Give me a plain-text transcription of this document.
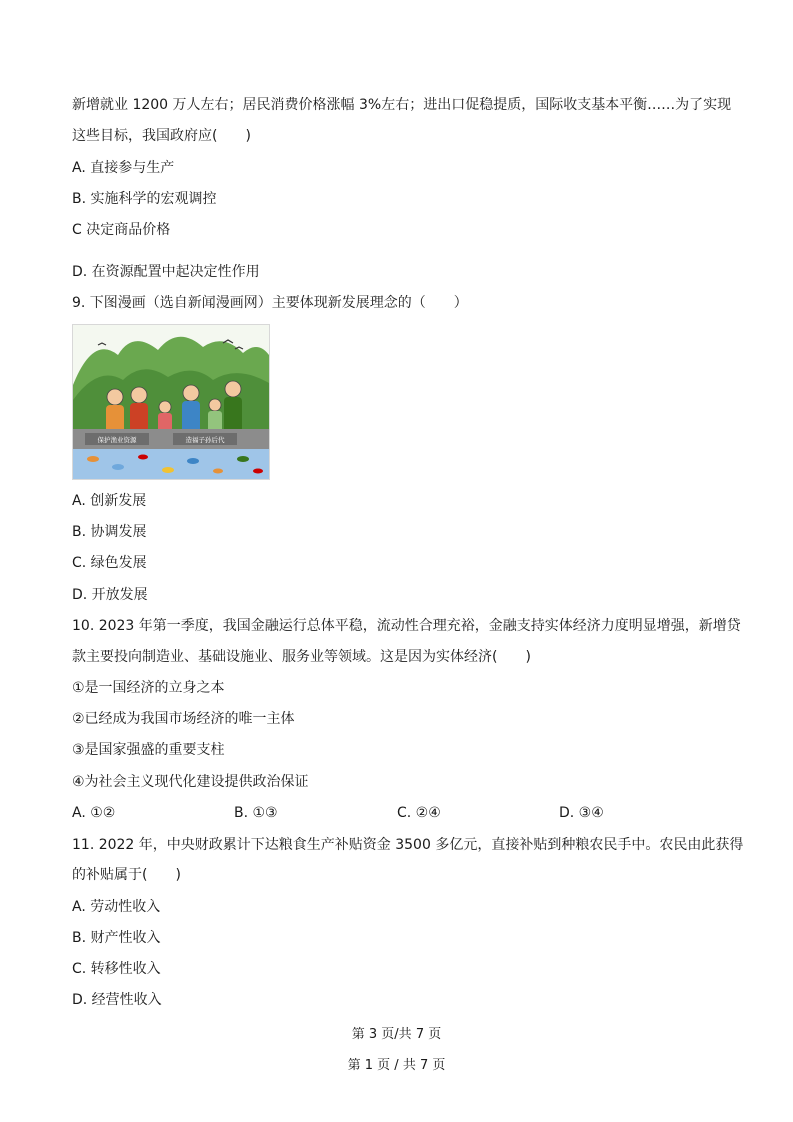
新增就业 1200 万人左右；居民消费价格涨幅 3%左右；进出口促稳提质，国际收支基本平衡……为了实现
这些目标，我国政府应(　　)
A. 直接参与生产
B. 实施科学的宏观调控
C 决定商品价格
D. 在资源配置中起决定性作用
9. 下图漫画（选自新闻漫画网）主要体现新发展理念的（　　）
保护渔业资源	造福子孙后代
A. 创新发展
B. 协调发展
C. 绿色发展
D. 开放发展
10. 2023 年第一季度，我国金融运行总体平稳，流动性合理充裕，金融支持实体经济力度明显增强，新增贷
款主要投向制造业、基础设施业、服务业等领域。这是因为实体经济(　　)
①是一国经济的立身之本
②已经成为我国市场经济的唯一主体
③是国家强盛的重要支柱
④为社会主义现代化建设提供政治保证
A. ①②	B. ①③	C. ②④	D. ③④
11. 2022 年，中央财政累计下达粮食生产补贴资金 3500 多亿元，直接补贴到种粮农民手中。农民由此获得
的补贴属于(　　)
A. 劳动性收入
B. 财产性收入
C. 转移性收入
D. 经营性收入
第 3 页/共 7 页
第 1 页 / 共 7 页
